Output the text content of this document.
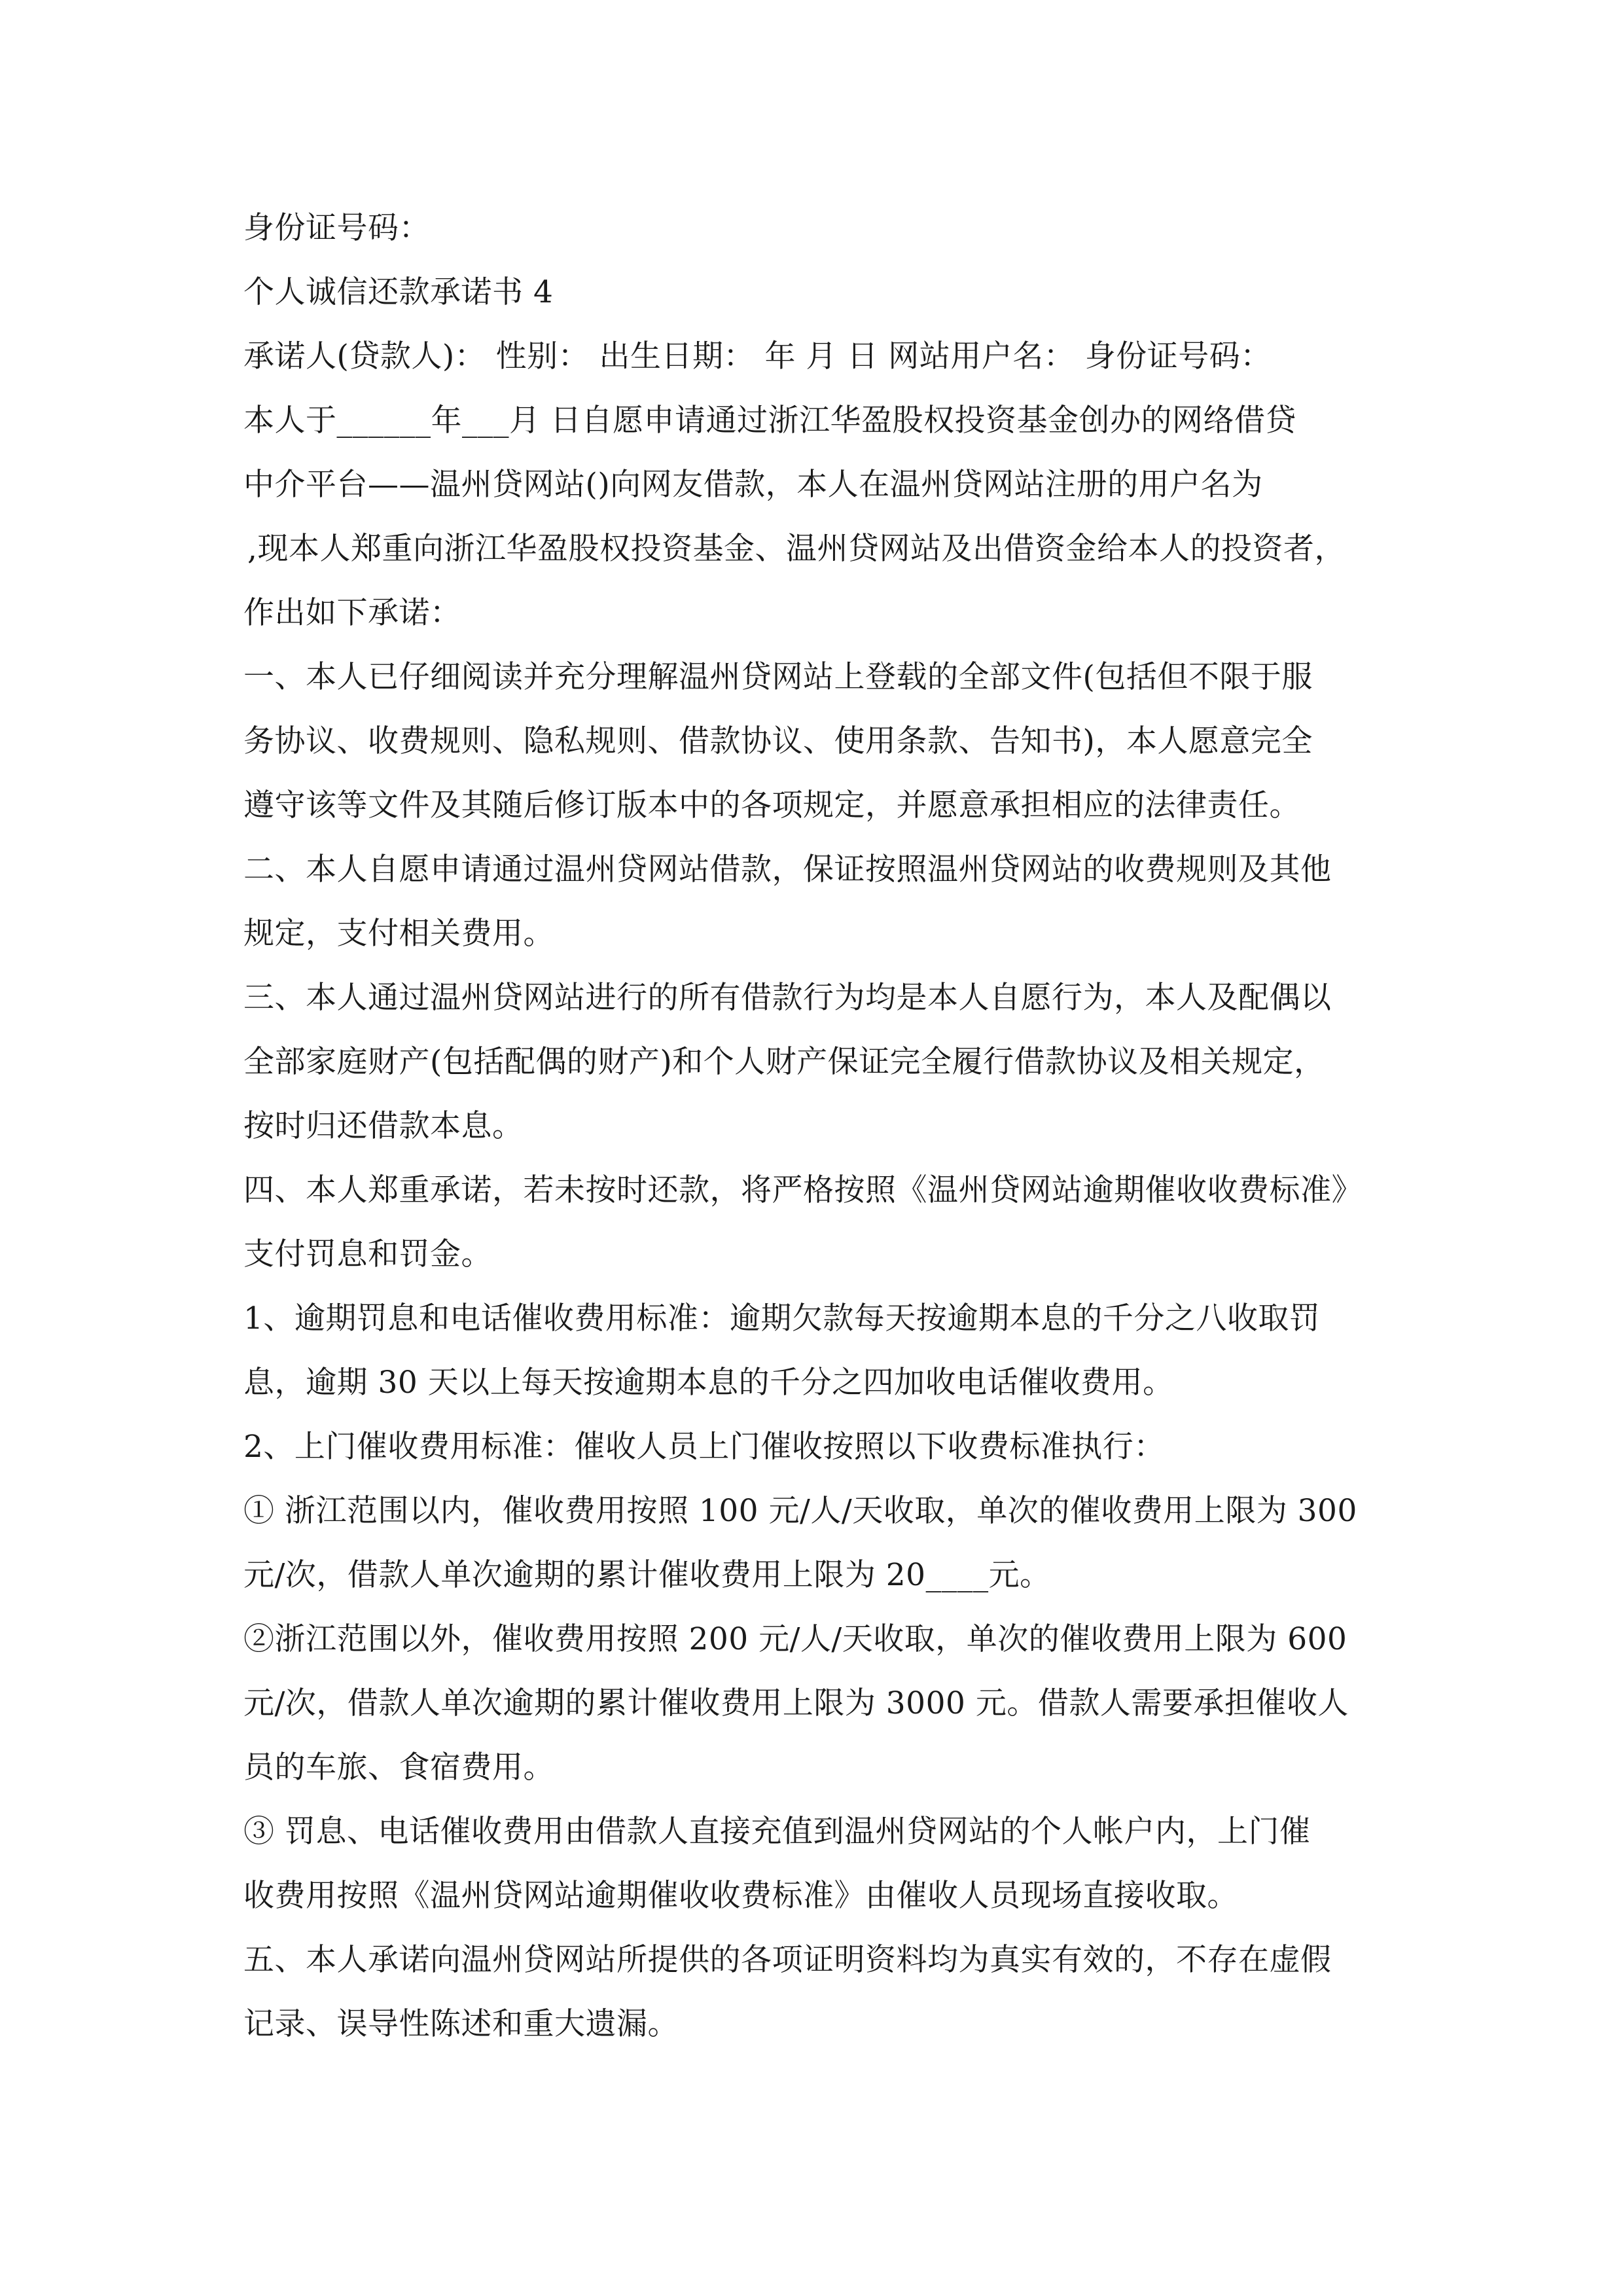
身份证号码：
个人诚信还款承诺书 4
承诺人(贷款人)： 性别： 出生日期： 年 月 日 网站用户名： 身份证号码：
本人于______年___月 日自愿申请通过浙江华盈股权投资基金创办的网络借贷
中介平台——温州贷网站()向网友借款，本人在温州贷网站注册的用户名为
,现本人郑重向浙江华盈股权投资基金、温州贷网站及出借资金给本人的投资者，
作出如下承诺：
一、本人已仔细阅读并充分理解温州贷网站上登载的全部文件(包括但不限于服
务协议、收费规则、隐私规则、借款协议、使用条款、告知书)，本人愿意完全
遵守该等文件及其随后修订版本中的各项规定，并愿意承担相应的法律责任。
二、本人自愿申请通过温州贷网站借款，保证按照温州贷网站的收费规则及其他
规定，支付相关费用。
三、本人通过温州贷网站进行的所有借款行为均是本人自愿行为，本人及配偶以
全部家庭财产(包括配偶的财产)和个人财产保证完全履行借款协议及相关规定，
按时归还借款本息。
四、本人郑重承诺，若未按时还款，将严格按照《温州贷网站逾期催收收费标准》
支付罚息和罚金。
1、逾期罚息和电话催收费用标准：逾期欠款每天按逾期本息的千分之八收取罚
息，逾期 30 天以上每天按逾期本息的千分之四加收电话催收费用。
2、上门催收费用标准：催收人员上门催收按照以下收费标准执行：
① 浙江范围以内，催收费用按照 100 元/人/天收取，单次的催收费用上限为 300
元/次，借款人单次逾期的累计催收费用上限为 20____元。
②浙江范围以外，催收费用按照 200 元/人/天收取，单次的催收费用上限为 600
元/次，借款人单次逾期的累计催收费用上限为 3000 元。借款人需要承担催收人
员的车旅、食宿费用。
③ 罚息、电话催收费用由借款人直接充值到温州贷网站的个人帐户内，上门催
收费用按照《温州贷网站逾期催收收费标准》由催收人员现场直接收取。
五、本人承诺向温州贷网站所提供的各项证明资料均为真实有效的，不存在虚假
记录、误导性陈述和重大遗漏。
